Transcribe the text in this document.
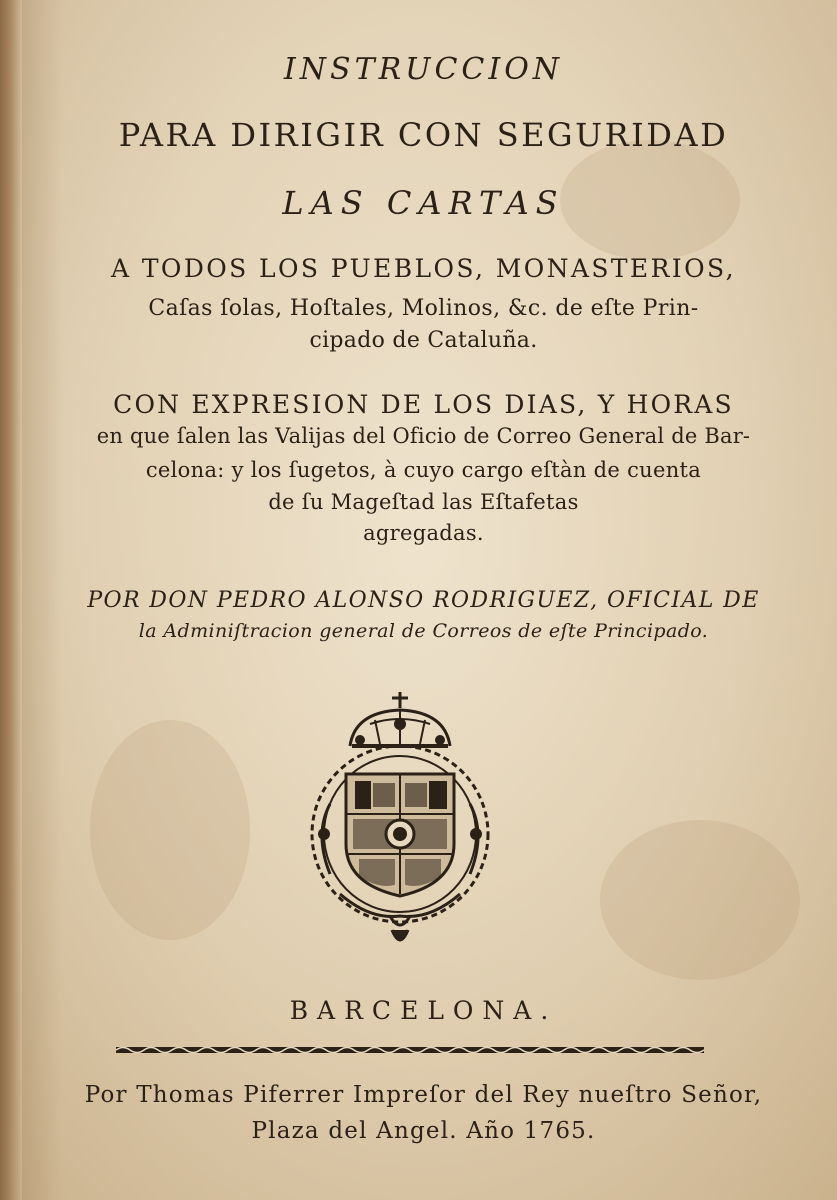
INSTRUCCION
PARA DIRIGIR CON SEGURIDAD
LAS CARTAS
A TODOS LOS PUEBLOS, MONASTERIOS,
Caſas ſolas, Hoſtales, Molinos, &c. de eſte Prin-
cipado de Cataluña.
CON EXPRESION DE LOS DIAS, Y HORAS
en que ſalen las Valijas del Oficio de Correo General de Bar-
celona: y los ſugetos, à cuyo cargo eſtàn de cuenta
de ſu Mageſtad las Eſtafetas
agregadas.
POR DON PEDRO ALONSO RODRIGUEZ, OFICIAL DE
la Adminiſtracion general de Correos de eſte Principado.
BARCELONA.
Por Thomas Piferrer Impreſor del Rey nueſtro Señor,
Plaza del Angel. Año 1765.
